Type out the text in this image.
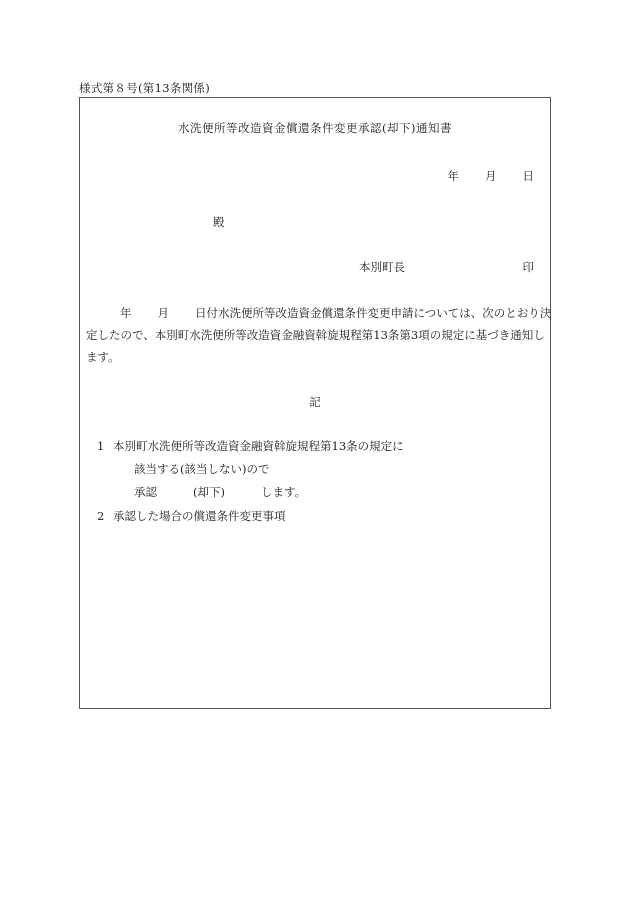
様式第８号(第13条関係)
水洗便所等改造資金償還条件変更承認(却下)通知書
年 月 日
殿
本別町長	印
年 月 日付水洗便所等改造資金償還条件変更申請については、次のとおり決
定したので、本別町水洗便所等改造資金融資斡旋規程第13条第3項の規定に基づき通知し
ます。
記
1 本別町水洗便所等改造資金融資斡旋規程第13条の規定に
該当する(該当しない)ので
承認	(却下)	します。
2 承認した場合の償還条件変更事項
